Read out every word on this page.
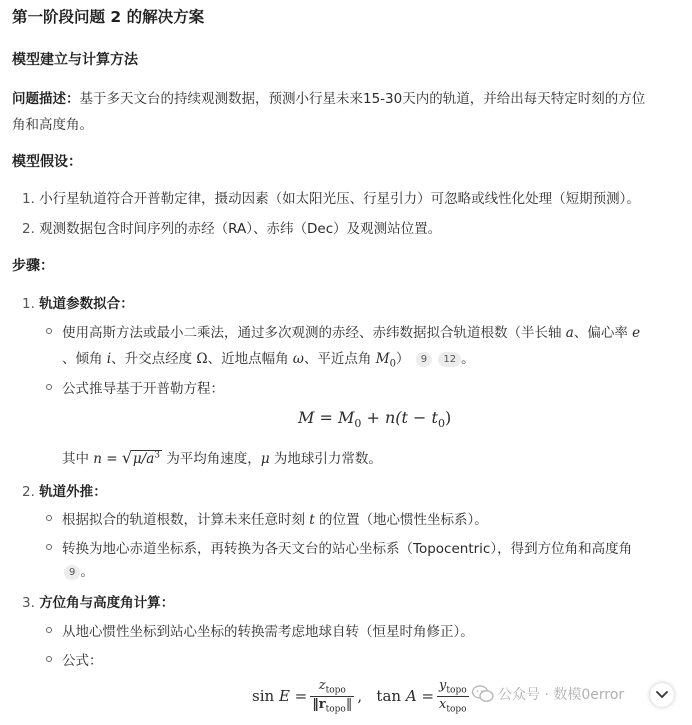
第一阶段问题 2 的解决方案
模型建立与计算方法
问题描述：基于多天文台的持续观测数据，预测小行星未来15-30天内的轨道，并给出每天特定时刻的方位
角和高度角。
模型假设：
1. 小行星轨道符合开普勒定律，摄动因素（如太阳光压、行星引力）可忽略或线性化处理（短期预测）。
2. 观测数据包含时间序列的赤经（RA）、赤纬（Dec）及观测站位置。
步骤：
1. 轨道参数拟合：
使用高斯方法或最小二乘法，通过多次观测的赤经、赤纬数据拟合轨道根数（半长轴 a、偏心率 e
、倾角 i、升交点经度 Ω、近地点幅角 ω、平近点角 $M_0$） 9 12 。
公式推导基于开普勒方程：
$M = M_0 + n(t - t_0)$
其中 n = √ $\mu/a^3$ 为平均角速度，μ 为地球引力常数。
2. 轨道外推：
根据拟合的轨道根数，计算未来任意时刻 t 的位置（地心惯性坐标系）。
转换为地心赤道坐标系，再转换为各天文台的站心坐标系（Topocentric），得到方位角和高度角
9 。
3. 方位角与高度角计算：
从地心惯性坐标到站心坐标的转换需考虑地球自转（恒星时角修正）。
公式：
sin
E
= $\frac{z_{topo}}{‖r_{topo}‖}$ ,
tan
A
= $\frac{y_{topo}}{x_{topo}}$ 公众号 · 数模0error
